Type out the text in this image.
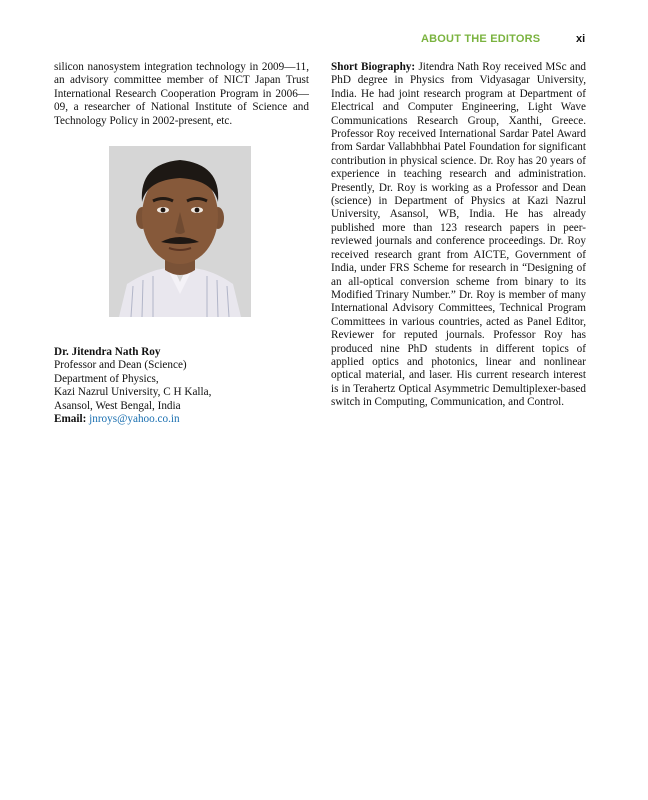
ABOUT THE EDITORS	xi

silicon nanosystem integration technology in 2009—11, an advisory committee member of NICT Japan Trust International Research Cooperation Program in 2006—09, a researcher of National Institute of Science and Technology Policy in 2002-present, etc.

Dr. Jitendra Nath Roy
Professor and Dean (Science)
Department of Physics,
Kazi Nazrul University, C H Kalla,
Asansol, West Bengal, India
Email: jnroys@yahoo.co.in

Short Biography: Jitendra Nath Roy received MSc and PhD degree in Physics from Vidyasagar University, India. He had joint research program at Department of Electrical and Computer Engineering, Light Wave Communications Research Group, Xanthi, Greece. Professor Roy received International Sardar Patel Award from Sardar Vallabhbhai Patel Foundation for significant contribution in physical science. Dr. Roy has 20 years of experience in teaching research and administration. Presently, Dr. Roy is working as a Professor and Dean (science) in Department of Physics at Kazi Nazrul University, Asansol, WB, India. He has already published more than 123 research papers in peer-reviewed journals and conference proceedings. Dr. Roy received research grant from AICTE, Government of India, under FRS Scheme for research in “Designing of an all-optical conversion scheme from binary to its Modified Trinary Number.” Dr. Roy is member of many International Advisory Committees, Technical Program Committees in various countries, acted as Panel Editor, Reviewer for reputed journals. Professor Roy has produced nine PhD students in different topics of applied optics and photonics, linear and nonlinear optical material, and laser. His current research interest is in Terahertz Optical Asymmetric Demultiplexer-based switch in Computing, Communication, and Control.
